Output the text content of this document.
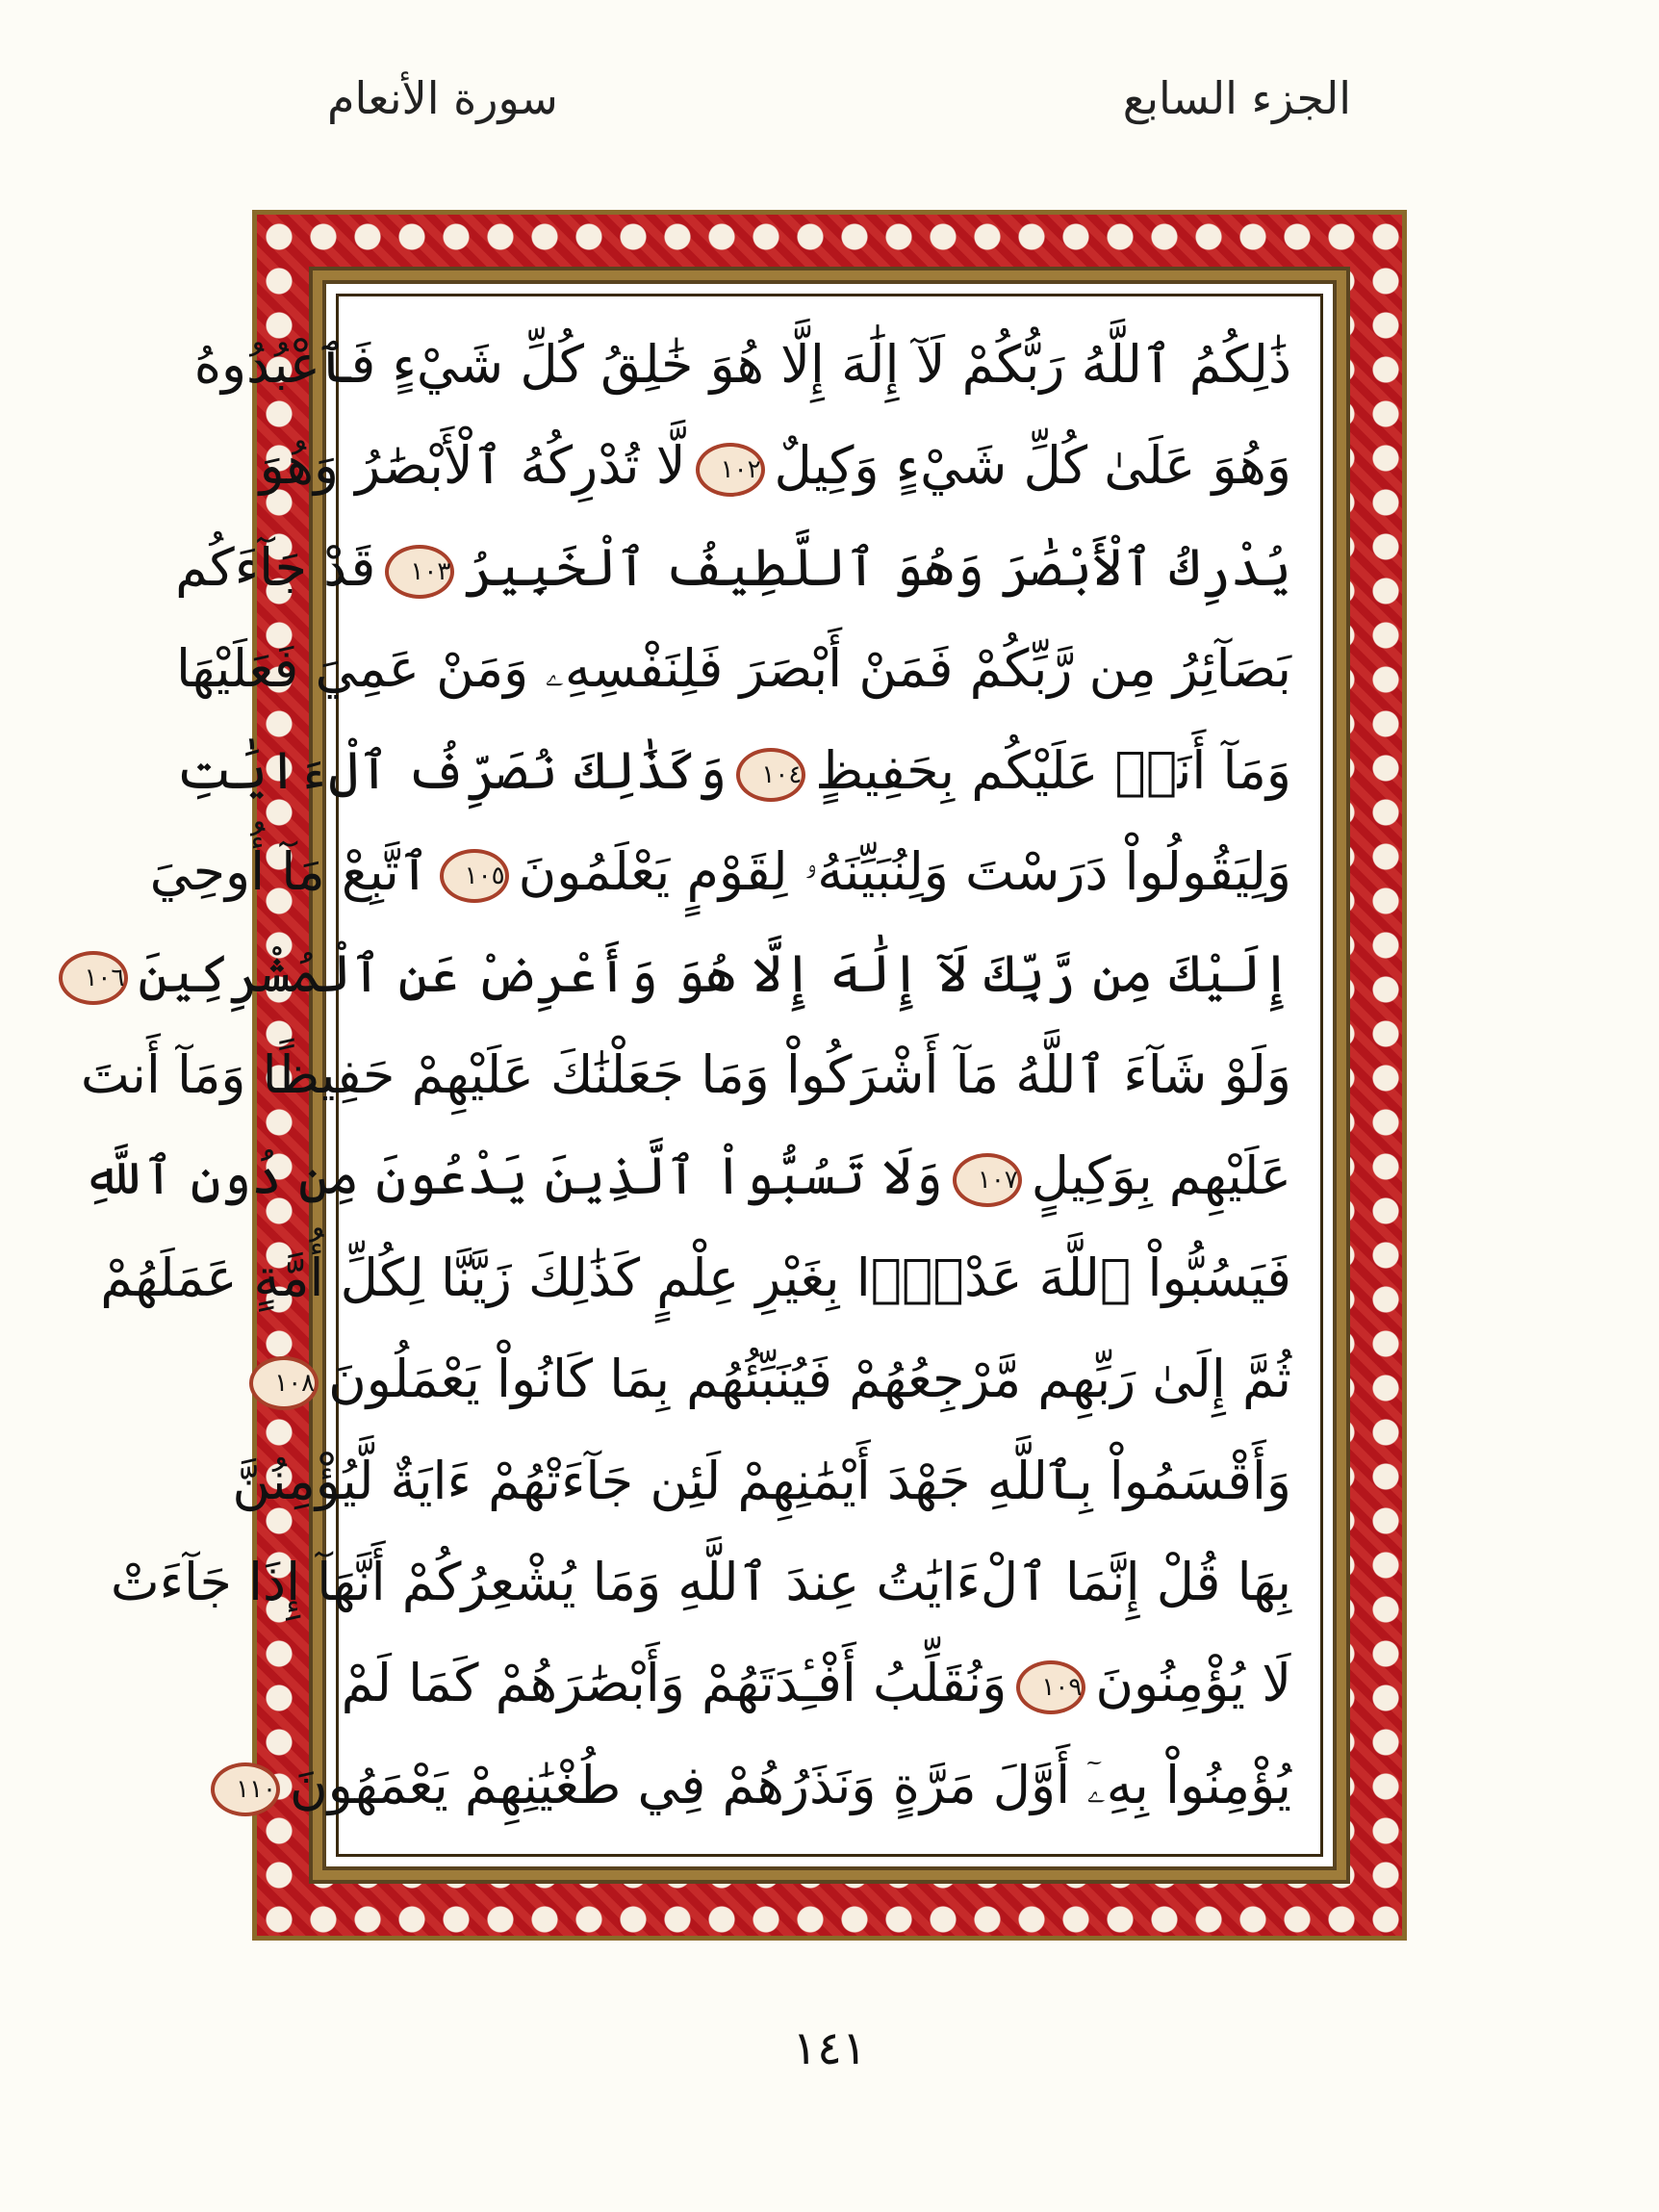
الجزء السابع
سورة الأنعام
ذَٰلِكُمُ ٱللَّهُ رَبُّكُمْ لَآ إِلَٰهَ إِلَّا هُوَ خَٰلِقُ كُلِّ شَيْءٍ فَٱعْبُدُوهُ
وَهُوَ عَلَىٰ كُلِّ شَيْءٍ وَكِيلٌ١٠٢لَّا تُدْرِكُهُ ٱلْأَبْصَٰرُ وَهُوَ
يُدْرِكُ ٱلْأَبْصَٰرَ وَهُوَ ٱللَّطِيفُ ٱلْخَبِيرُ١٠٣قَدْ جَآءَكُم
بَصَآئِرُ مِن رَّبِّكُمْ فَمَنْ أَبْصَرَ فَلِنَفْسِهِۦ وَمَنْ عَمِيَ فَعَلَيْهَا
وَمَآ أَنَا۠ عَلَيْكُم بِحَفِيظٍ١٠٤وَكَذَٰلِكَ نُصَرِّفُ ٱلْءَايَٰتِ
وَلِيَقُولُواْ دَرَسْتَ وَلِنُبَيِّنَهُۥ لِقَوْمٍ يَعْلَمُونَ١٠٥ٱتَّبِعْ مَآ أُوحِيَ
إِلَيْكَ مِن رَّبِّكَ لَآ إِلَٰهَ إِلَّا هُوَ وَأَعْرِضْ عَنِ ٱلْمُشْرِكِينَ١٠٦
وَلَوْ شَآءَ ٱللَّهُ مَآ أَشْرَكُواْ وَمَا جَعَلْنَٰكَ عَلَيْهِمْ حَفِيظًا وَمَآ أَنتَ
عَلَيْهِم بِوَكِيلٍ١٠٧وَلَا تَسُبُّواْ ٱلَّذِينَ يَدْعُونَ مِن دُونِ ٱللَّهِ
فَيَسُبُّواْ ٱللَّهَ عَدْوًۢا بِغَيْرِ عِلْمٍ كَذَٰلِكَ زَيَّنَّا لِكُلِّ أُمَّةٍ عَمَلَهُمْ
ثُمَّ إِلَىٰ رَبِّهِم مَّرْجِعُهُمْ فَيُنَبِّئُهُم بِمَا كَانُواْ يَعْمَلُونَ١٠٨
وَأَقْسَمُواْ بِٱللَّهِ جَهْدَ أَيْمَٰنِهِمْ لَئِن جَآءَتْهُمْ ءَايَةٌ لَّيُؤْمِنُنَّ
بِهَا قُلْ إِنَّمَا ٱلْءَايَٰتُ عِندَ ٱللَّهِ وَمَا يُشْعِرُكُمْ أَنَّهَآ إِذَا جَآءَتْ
لَا يُؤْمِنُونَ١٠٩وَنُقَلِّبُ أَفْـِٔدَتَهُمْ وَأَبْصَٰرَهُمْ كَمَا لَمْ
يُؤْمِنُواْ بِهِۦٓ أَوَّلَ مَرَّةٍ وَنَذَرُهُمْ فِي طُغْيَٰنِهِمْ يَعْمَهُونَ١١٠
١٤١
